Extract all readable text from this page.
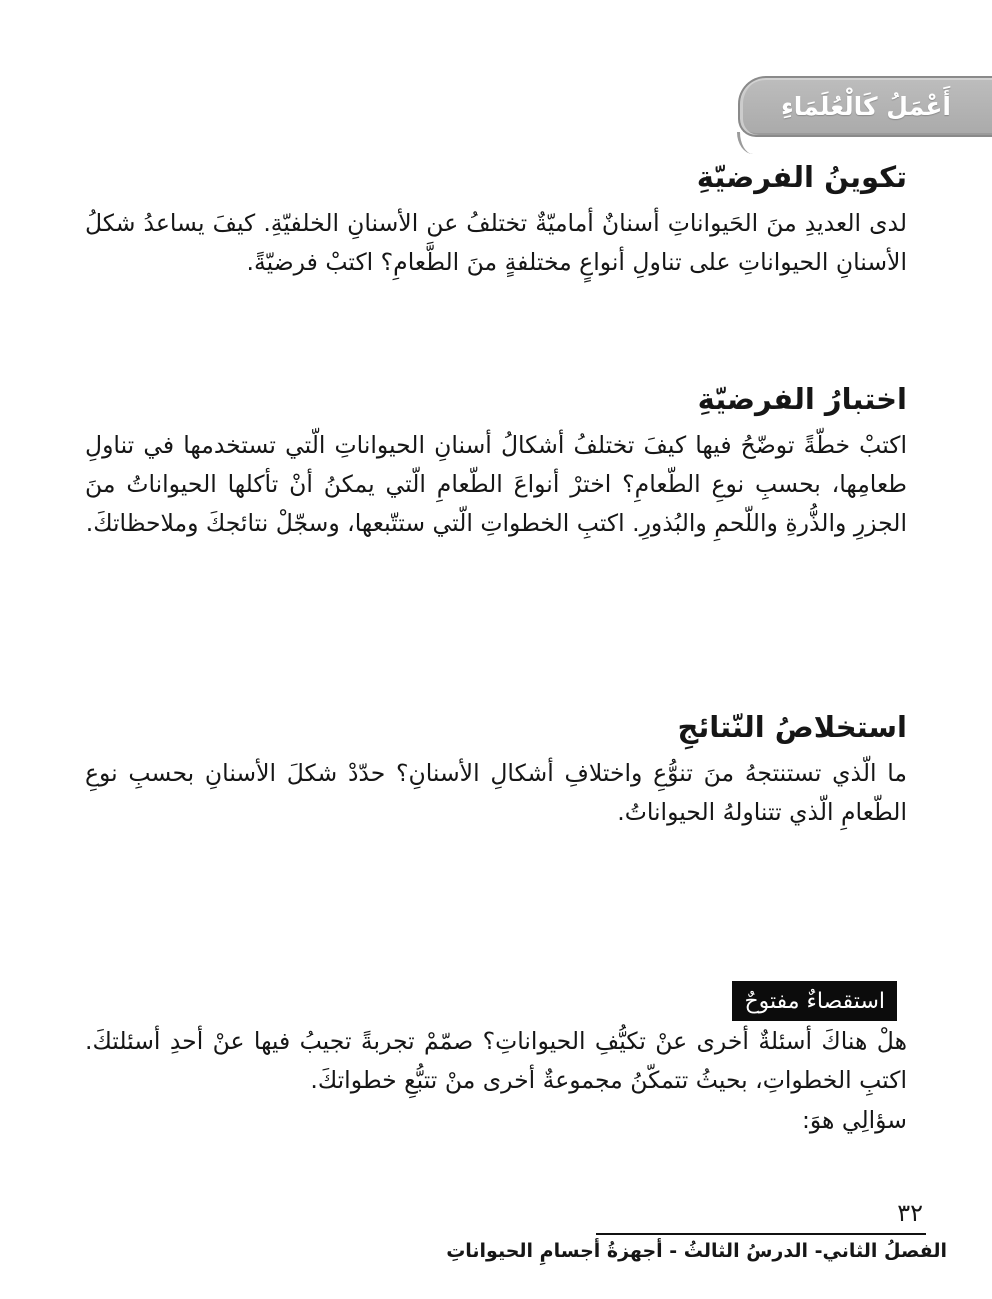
أَعْمَلُ كَالْعُلَمَاءِ
تكوينُ الفرضيّةِ

لدى العديدِ منَ الحَيواناتِ أسنانٌ أماميّةٌ تختلفُ عن الأسنانِ الخلفيّةِ. كيفَ يساعدُ شكلُ الأسنانِ الحيواناتِ على تناولِ أنواعٍ مختلفةٍ منَ الطَّعامِ؟ اكتبْ فرضيّةً.

اختبارُ الفرضيّةِ

اكتبْ خطّةً توضّحُ فيها كيفَ تختلفُ أشكالُ أسنانِ الحيواناتِ الّتي تستخدمها في تناولِ طعامِها، بحسبِ نوعِ الطّعامِ؟ اخترْ أنواعَ الطّعامِ الّتي يمكنُ أنْ تأكلها الحيواناتُ منَ الجزرِ والذُّرةِ واللّحمِ والبُذورِ. اكتبِ الخطواتِ الّتي ستتّبعها، وسجّلْ نتائجكَ وملاحظاتكَ.

استخلاصُ النّتائجِ

ما الّذي تستنتجهُ منَ تنوُّعِ واختلافِ أشكالِ الأسنانِ؟ حدّدْ شكلَ الأسنانِ بحسبِ نوعِ الطّعامِ الّذي تتناولهُ الحيواناتُ.

استقصاءٌ مفتوحٌ

هلْ هناكَ أسئلةٌ أخرى عنْ تكيُّفِ الحيواناتِ؟ صمّمْ تجربةً تجيبُ فيها عنْ أحدِ أسئلتكَ. اكتبِ الخطواتِ، بحيثُ تتمكّنُ مجموعةٌ أخرى منْ تتبُّعِ خطواتكَ.

سؤالِي هوَ:

٣٢
الفصلُ الثاني- الدرسُ الثالثُ - أجهزةُ أجسامِ الحيواناتِ
